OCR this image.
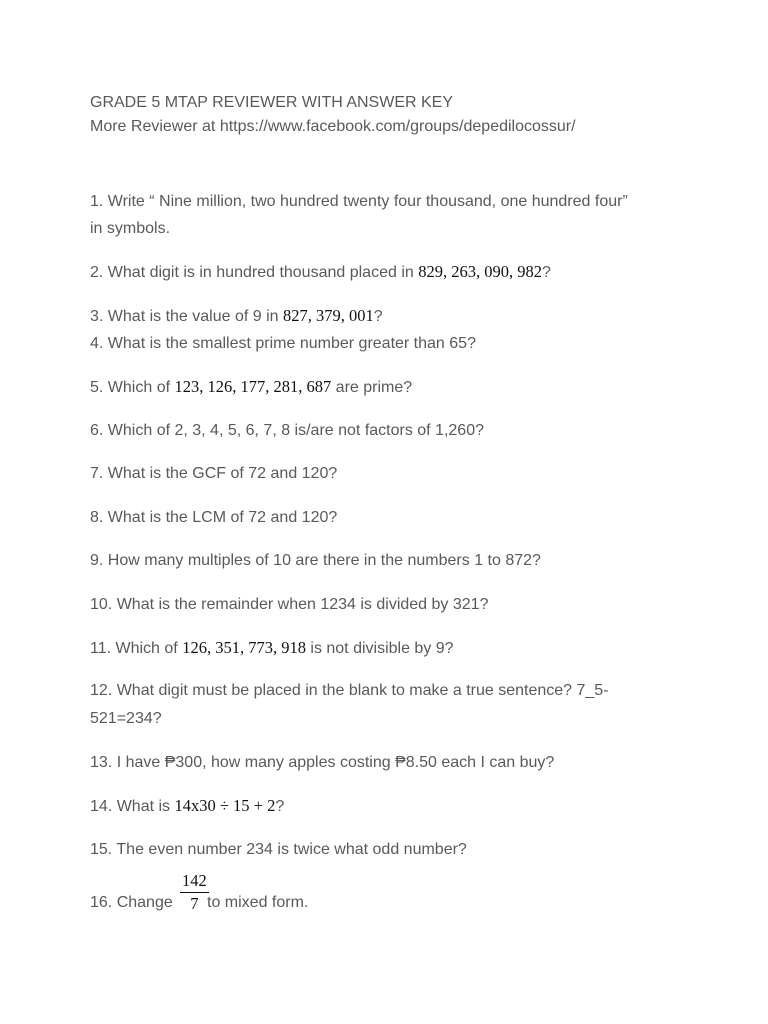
GRADE 5 MTAP REVIEWER WITH ANSWER KEY
More Reviewer at https://www.facebook.com/groups/depedilocossur/
1. Write “ Nine million, two hundred twenty four thousand, one hundred four”
in symbols.
2. What digit is in hundred thousand placed in 829, 263, 090, 982?
3. What is the value of 9 in 827, 379, 001?
4. What is the smallest prime number greater than 65?
5. Which of 123, 126, 177, 281, 687 are prime?
6. Which of 2, 3, 4, 5, 6, 7, 8 is/are not factors of 1,260?
7. What is the GCF of 72 and 120?
8. What is the LCM of 72 and 120?
9. How many multiples of 10 are there in the numbers 1 to 872?
10. What is the remainder when 1234 is divided by 321?
11. Which of 126, 351, 773, 918 is not divisible by 9?
12. What digit must be placed in the blank to make a true sentence? 7_5-
521=234?
13. I have ₱300, how many apples costing ₱8.50 each I can buy?
14. What is 14x30 ÷ 15 + 2?
15. The even number 234 is twice what odd number?
16. Change
142
7 to mixed form.
